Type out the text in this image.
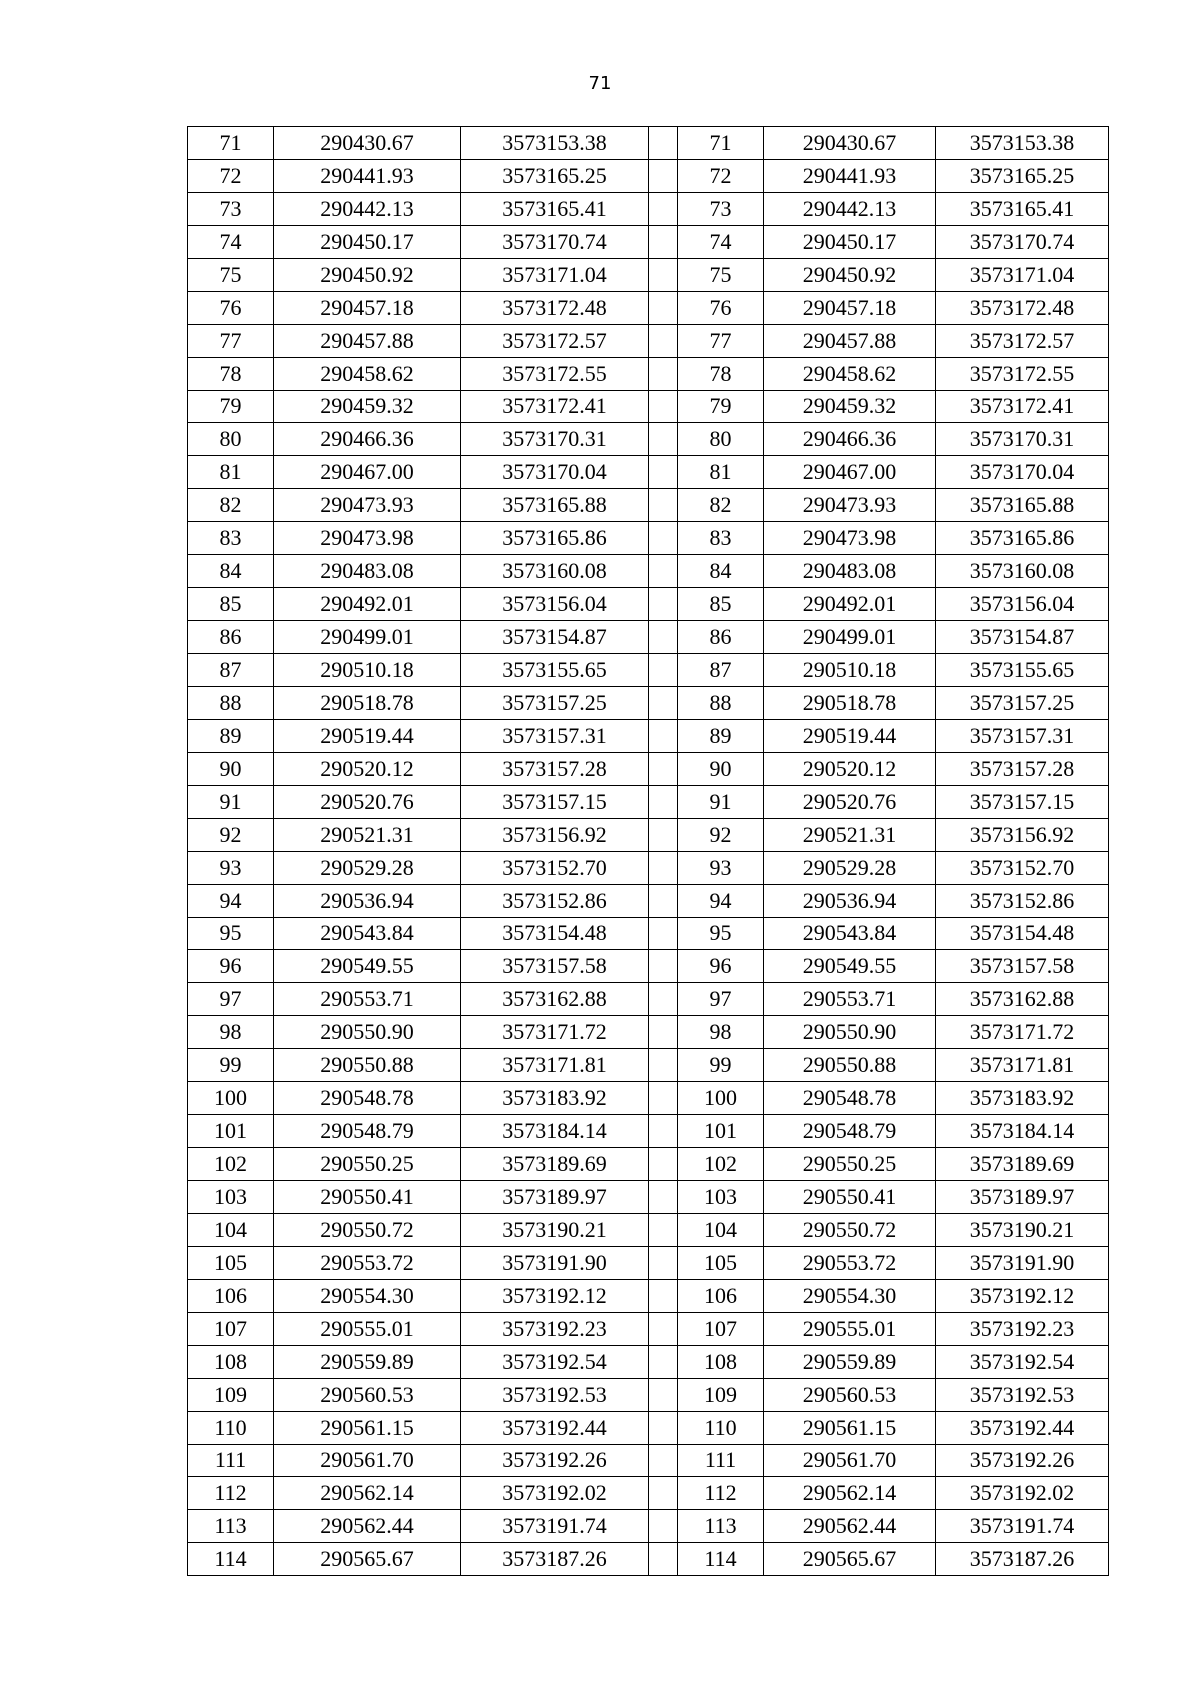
71
71	290430.67	3573153.38		71	290430.67	3573153.38
72	290441.93	3573165.25		72	290441.93	3573165.25
73	290442.13	3573165.41		73	290442.13	3573165.41
74	290450.17	3573170.74		74	290450.17	3573170.74
75	290450.92	3573171.04		75	290450.92	3573171.04
76	290457.18	3573172.48		76	290457.18	3573172.48
77	290457.88	3573172.57		77	290457.88	3573172.57
78	290458.62	3573172.55		78	290458.62	3573172.55
79	290459.32	3573172.41		79	290459.32	3573172.41
80	290466.36	3573170.31		80	290466.36	3573170.31
81	290467.00	3573170.04		81	290467.00	3573170.04
82	290473.93	3573165.88		82	290473.93	3573165.88
83	290473.98	3573165.86		83	290473.98	3573165.86
84	290483.08	3573160.08		84	290483.08	3573160.08
85	290492.01	3573156.04		85	290492.01	3573156.04
86	290499.01	3573154.87		86	290499.01	3573154.87
87	290510.18	3573155.65		87	290510.18	3573155.65
88	290518.78	3573157.25		88	290518.78	3573157.25
89	290519.44	3573157.31		89	290519.44	3573157.31
90	290520.12	3573157.28		90	290520.12	3573157.28
91	290520.76	3573157.15		91	290520.76	3573157.15
92	290521.31	3573156.92		92	290521.31	3573156.92
93	290529.28	3573152.70		93	290529.28	3573152.70
94	290536.94	3573152.86		94	290536.94	3573152.86
95	290543.84	3573154.48		95	290543.84	3573154.48
96	290549.55	3573157.58		96	290549.55	3573157.58
97	290553.71	3573162.88		97	290553.71	3573162.88
98	290550.90	3573171.72		98	290550.90	3573171.72
99	290550.88	3573171.81		99	290550.88	3573171.81
100	290548.78	3573183.92		100	290548.78	3573183.92
101	290548.79	3573184.14		101	290548.79	3573184.14
102	290550.25	3573189.69		102	290550.25	3573189.69
103	290550.41	3573189.97		103	290550.41	3573189.97
104	290550.72	3573190.21		104	290550.72	3573190.21
105	290553.72	3573191.90		105	290553.72	3573191.90
106	290554.30	3573192.12		106	290554.30	3573192.12
107	290555.01	3573192.23		107	290555.01	3573192.23
108	290559.89	3573192.54		108	290559.89	3573192.54
109	290560.53	3573192.53		109	290560.53	3573192.53
110	290561.15	3573192.44		110	290561.15	3573192.44
111	290561.70	3573192.26		111	290561.70	3573192.26
112	290562.14	3573192.02		112	290562.14	3573192.02
113	290562.44	3573191.74		113	290562.44	3573191.74
114	290565.67	3573187.26		114	290565.67	3573187.26
